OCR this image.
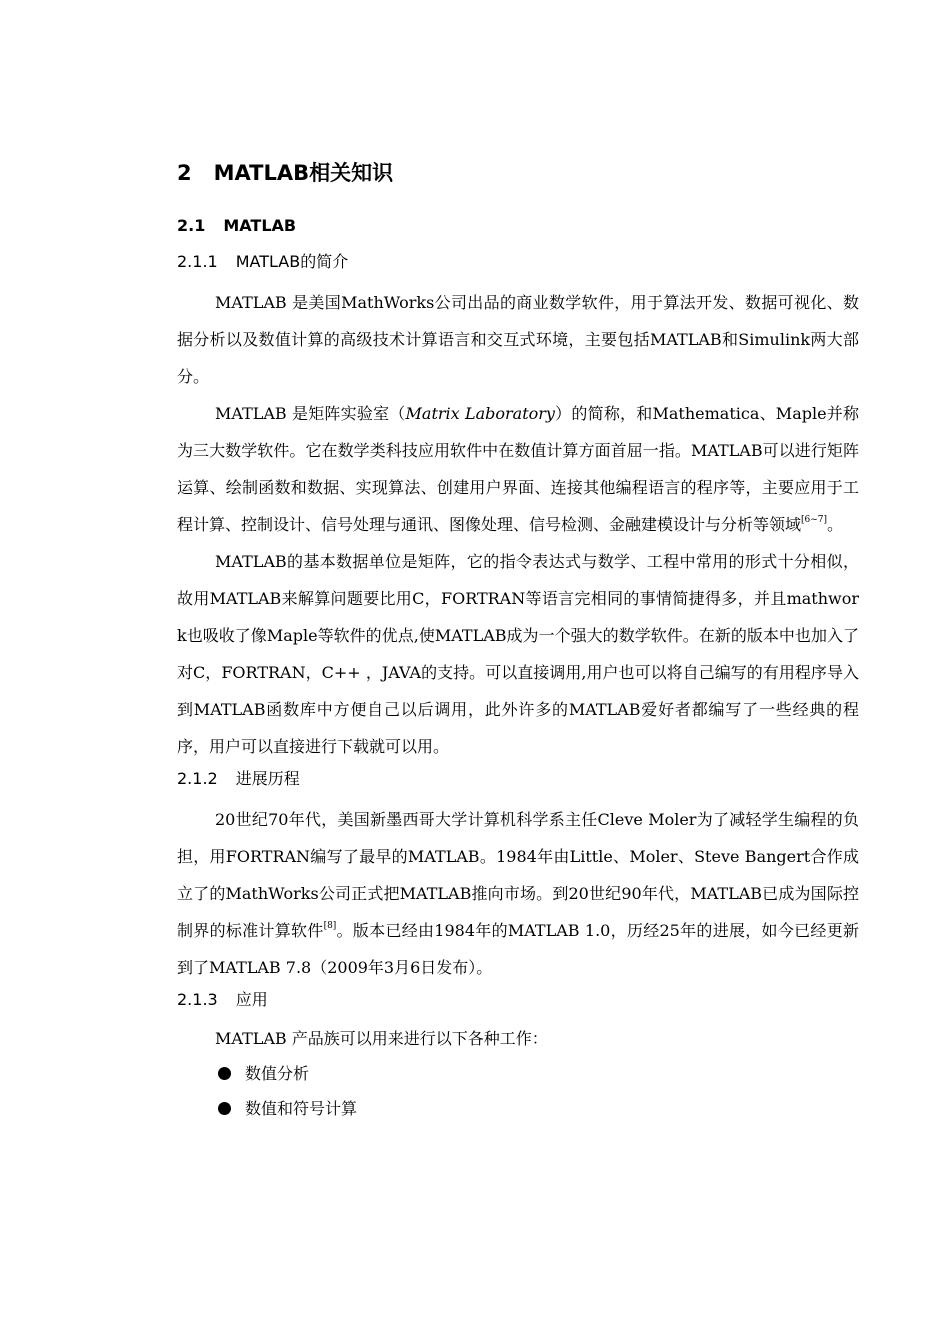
2 MATLAB相关知识
2.1 MATLAB
2.1.1 MATLAB的简介

MATLAB 是美国MathWorks公司出品的商业数学软件，用于算法开发、数据可视化、数据分析以及数值计算的高级技术计算语言和交互式环境，主要包括MATLAB和Simulink两大部分。

MATLAB 是矩阵实验室（Matrix Laboratory）的简称，和Mathematica、Maple并称为三大数学软件。它在数学类科技应用软件中在数值计算方面首屈一指。MATLAB可以进行矩阵运算、绘制函数和数据、实现算法、创建用户界面、连接其他编程语言的程序等，主要应用于工程计算、控制设计、信号处理与通讯、图像处理、信号检测、金融建模设计与分析等领域[6~7]。

MATLAB的基本数据单位是矩阵，它的指令表达式与数学、工程中常用的形式十分相似，故用MATLAB来解算问题要比用C，FORTRAN等语言完相同的事情简捷得多，并且mathwork也吸收了像Maple等软件的优点,使MATLAB成为一个强大的数学软件。在新的版本中也加入了对C，FORTRAN，C++ ，JAVA的支持。可以直接调用,用户也可以将自己编写的有用程序导入到MATLAB函数库中方便自己以后调用，此外许多的MATLAB爱好者都编写了一些经典的程序，用户可以直接进行下载就可以用。

2.1.2 进展历程

20世纪70年代，美国新墨西哥大学计算机科学系主任Cleve Moler为了减轻学生编程的负担，用FORTRAN编写了最早的MATLAB。1984年由Little、Moler、Steve Bangert合作成立了的MathWorks公司正式把MATLAB推向市场。到20世纪90年代，MATLAB已成为国际控制界的标准计算软件[8]。版本已经由1984年的MATLAB 1.0，历经25年的进展，如今已经更新到了MATLAB 7.8（2009年3月6日发布）。

2.1.3 应用

MATLAB 产品族可以用来进行以下各种工作：

数值分析
数值和符号计算
